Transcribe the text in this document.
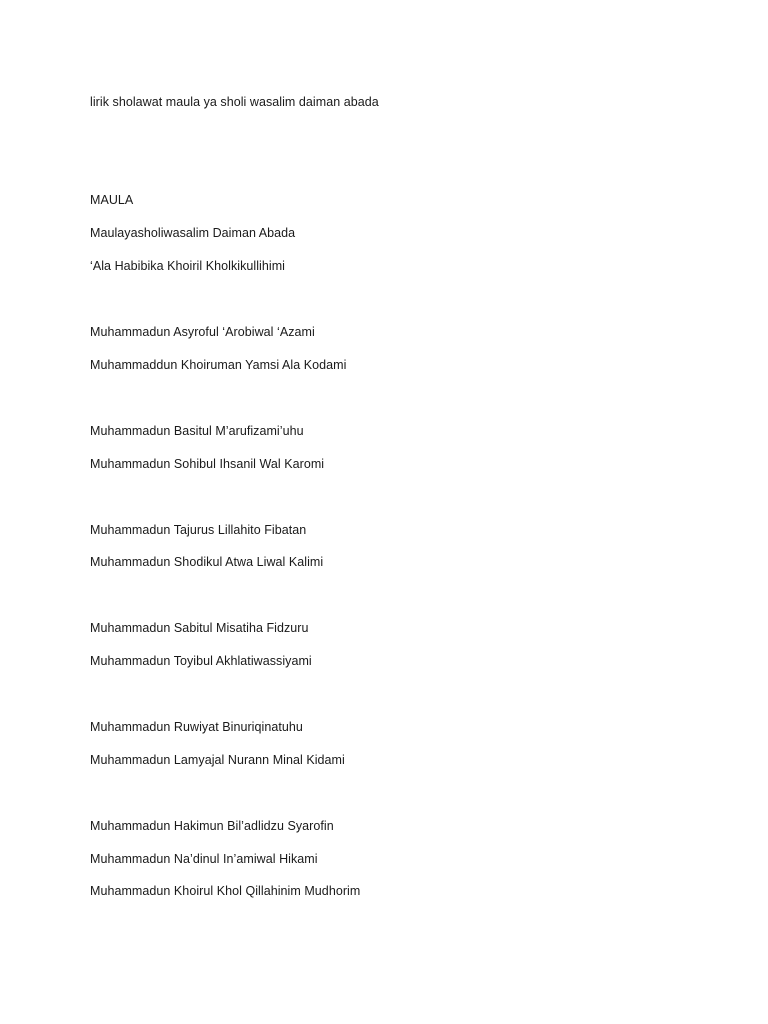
lirik sholawat maula ya sholi wasalim daiman abada
MAULA
Maulayasholiwasalim Daiman Abada
‘Ala Habibika Khoiril Kholkikullihimi
Muhammadun Asyroful ‘Arobiwal ‘Azami
Muhammaddun Khoiruman Yamsi Ala Kodami
Muhammadun Basitul M’arufizami’uhu
Muhammadun Sohibul Ihsanil Wal Karomi
Muhammadun Tajurus Lillahito Fibatan
Muhammadun Shodikul Atwa Liwal Kalimi
Muhammadun Sabitul Misatiha Fidzuru
Muhammadun Toyibul Akhlatiwassiyami
Muhammadun Ruwiyat Binuriqinatuhu
Muhammadun Lamyajal Nurann Minal Kidami
Muhammadun Hakimun Bil’adlidzu Syarofin
Muhammadun Na’dinul In’amiwal Hikami
Muhammadun Khoirul Khol Qillahinim Mudhorim
